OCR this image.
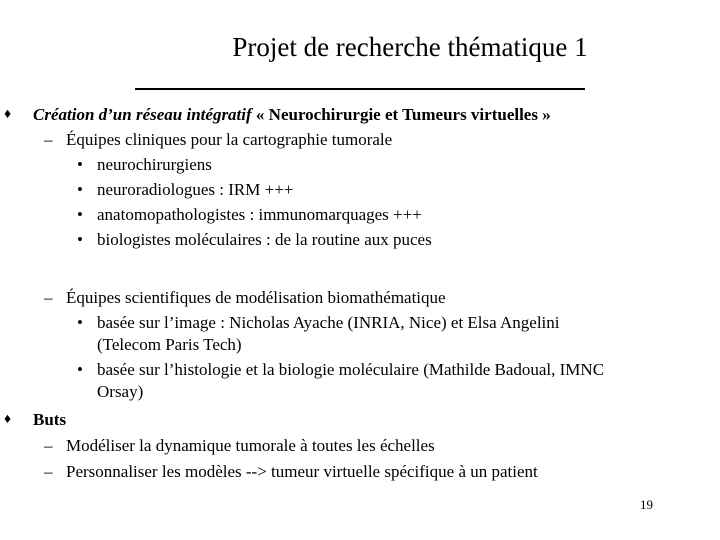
Projet de recherche thématique 1
♦ Création d’un réseau intégratif « Neurochirurgie et Tumeurs virtuelles »
– Équipes cliniques pour la cartographie tumorale
• neurochirurgiens
• neuroradiologues : IRM +++
• anatomopathologistes : immunomarquages +++
• biologistes moléculaires : de la routine aux puces
– Équipes scientifiques de modélisation biomathématique
• basée sur l’image : Nicholas Ayache (INRIA, Nice) et Elsa Angelini
(Telecom Paris Tech)
• basée sur l’histologie et la biologie moléculaire (Mathilde Badoual, IMNC
Orsay)
♦ Buts
– Modéliser la dynamique tumorale à toutes les échelles
– Personnaliser les modèles --> tumeur virtuelle spécifique à un patient
19
